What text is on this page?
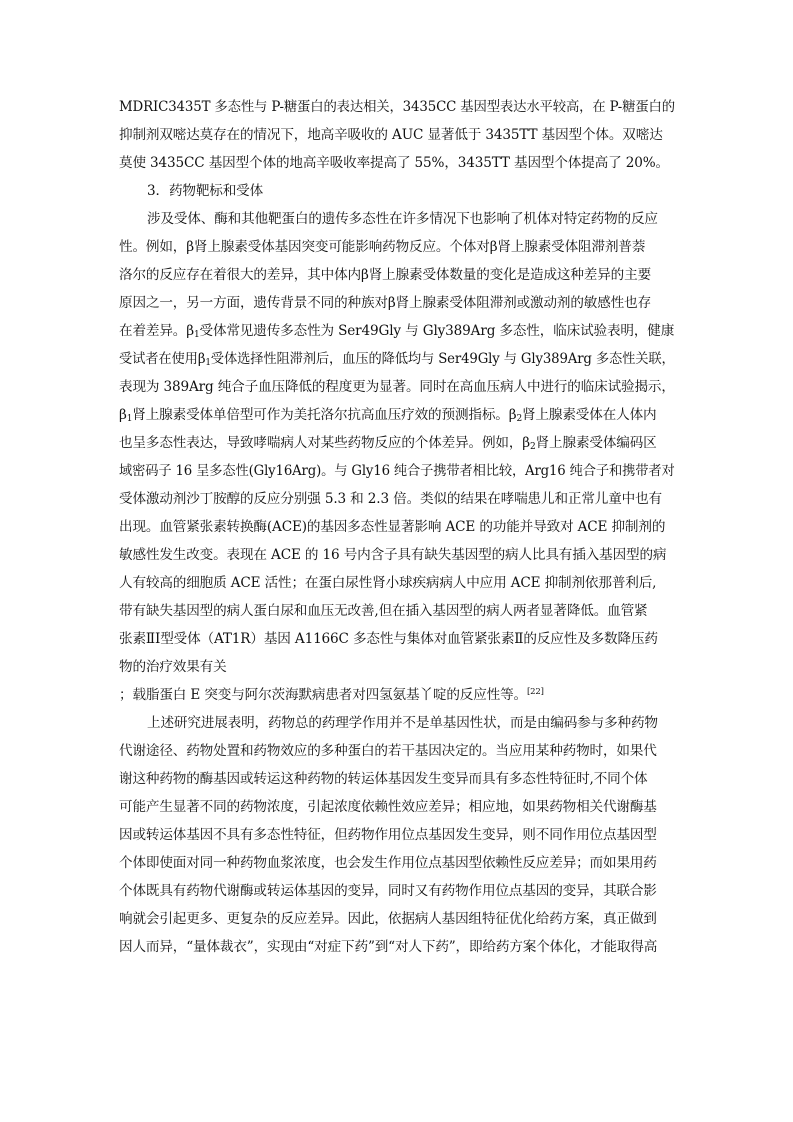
MDRIC3435T 多态性与 P-糖蛋白的表达相关，3435CC 基因型表达水平较高，在 P-糖蛋白的
抑制剂双嘧达莫存在的情况下，地高辛吸收的 AUC 显著低于 3435TT 基因型个体。双嘧达
莫使 3435CC 基因型个体的地高辛吸收率提高了 55%，3435TT 基因型个体提高了 20%。
3．药物靶标和受体
涉及受体、酶和其他靶蛋白的遗传多态性在许多情况下也影响了机体对特定药物的反应
性。例如，β肾上腺素受体基因突变可能影响药物反应。个体对β肾上腺素受体阻滞剂普萘
洛尔的反应存在着很大的差异，其中体内β肾上腺素受体数量的变化是造成这种差异的主要
原因之一，另一方面，遗传背景不同的种族对β肾上腺素受体阻滞剂或激动剂的敏感性也存
在着差异。$\beta_1$受体常见遗传多态性为 Ser49Gly 与 Gly389Arg 多态性，临床试验表明，健康
受试者在使用$\beta_1$受体选择性阻滞剂后，血压的降低均与 Ser49Gly 与 Gly389Arg 多态性关联，
表现为 389Arg 纯合子血压降低的程度更为显著。同时在高血压病人中进行的临床试验揭示，
$\beta_1$肾上腺素受体单倍型可作为美托洛尔抗高血压疗效的预测指标。$\beta_2$肾上腺素受体在人体内
也呈多态性表达，导致哮喘病人对某些药物反应的个体差异。例如，$\beta_2$肾上腺素受体编码区
域密码子 16 呈多态性(Gly16Arg)。与 Gly16 纯合子携带者相比较，Arg16 纯合子和携带者对
受体激动剂沙丁胺醇的反应分别强 5.3 和 2.3 倍。类似的结果在哮喘患儿和正常儿童中也有
出现。血管紧张素转换酶(ACE)的基因多态性显著影响 ACE 的功能并导致对 ACE 抑制剂的
敏感性发生改变。表现在 ACE 的 16 号内含子具有缺失基因型的病人比具有插入基因型的病
人有较高的细胞质 ACE 活性；在蛋白尿性肾小球疾病病人中应用 ACE 抑制剂依那普利后,
带有缺失基因型的病人蛋白尿和血压无改善,但在插入基因型的病人两者显著降低。血管紧
张素ⅡⅠ型受体（AT1R）基因 A1166C 多态性与集体对血管紧张素Ⅱ的反应性及多数降压药
物的治疗效果有关
；载脂蛋白 E 突变与阿尔茨海默病患者对四氢氨基丫啶的反应性等。[22]
上述研究进展表明，药物总的药理学作用并不是单基因性状，而是由编码参与多种药物
代谢途径、药物处置和药物效应的多种蛋白的若干基因决定的。当应用某种药物时，如果代
谢这种药物的酶基因或转运这种药物的转运体基因发生变异而具有多态性特征时,不同个体
可能产生显著不同的药物浓度，引起浓度依赖性效应差异；相应地，如果药物相关代谢酶基
因或转运体基因不具有多态性特征，但药物作用位点基因发生变异，则不同作用位点基因型
个体即使面对同一种药物血浆浓度，也会发生作用位点基因型依赖性反应差异；而如果用药
个体既具有药物代谢酶或转运体基因的变异，同时又有药物作用位点基因的变异，其联合影
响就会引起更多、更复杂的反应差异。因此，依据病人基因组特征优化给药方案，真正做到
因人而异，“量体裁衣”，实现由“对症下药”到“对人下药”，即给药方案个体化，才能取得高
